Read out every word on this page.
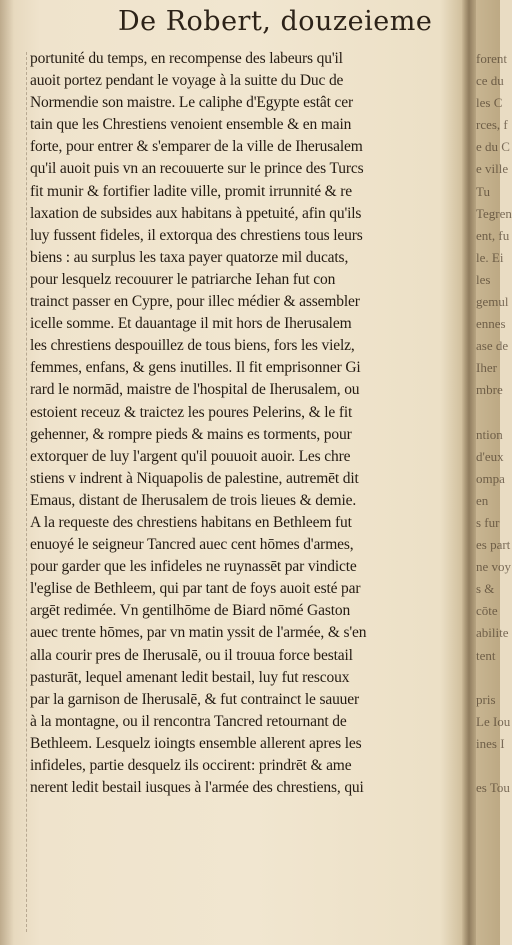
De Robert, douzeieme
portunité du temps, en recompense des labeurs qu'il
auoit portez pendant le voyage à la suitte du Duc de
Normendie son maistre. Le caliphe d'Egypte estât cer
tain que les Chrestiens venoient ensemble & en main
forte, pour entrer & s'emparer de la ville de Iherusalem
qu'il auoit puis vn an recouuerte sur le prince des Turcs
fit munir & fortifier ladite ville, promit irrunnité & re
laxation de subsides aux habitans à ppetuité, afin qu'ils
luy fussent fideles, il extorqua des chrestiens tous leurs
biens : au surplus les taxa payer quatorze mil ducats,
pour lesquelz recouurer le patriarche Iehan fut con
trainct passer en Cypre, pour illec médier & assembler
icelle somme. Et dauantage il mit hors de Iherusalem
les chrestiens despouillez de tous biens, fors les vielz,
femmes, enfans, & gens inutilles. Il fit emprisonner Gi
rard le normād, maistre de l'hospital de Iherusalem, ou
estoient receuz & traictez les poures Pelerins, & le fit
gehenner, & rompre pieds & mains es torments, pour
extorquer de luy l'argent qu'il pouuoit auoir. Les chre
stiens v indrent à Niquapolis de palestine, autremēt dit
Emaus, distant de Iherusalem de trois lieues & demie.
A la requeste des chrestiens habitans en Bethleem fut
enuoyé le seigneur Tancred auec cent hōmes d'armes,
pour garder que les infideles ne ruynassēt par vindicte
l'eglise de Bethleem, qui par tant de foys auoit esté par
argēt redimée. Vn gentilhōme de Biard nōmé Gaston
auec trente hōmes, par vn matin yssit de l'armée, & s'en
alla courir pres de Iherusalē, ou il trouua force bestail
pasturāt, lequel amenant ledit bestail, luy fut rescoux
par la garnison de Iherusalē, & fut contrainct le sauuer
à la montagne, ou il rencontra Tancred retournant de
Bethleem. Lesquelz ioingts ensemble allerent apres les
infideles, partie desquelz ils occirent: prindrēt & ame
nerent ledit bestail iusques à l'armée des chrestiens, qui
forent
ce du
les C
rces, f
e du C
e ville
Tu
Tegren
ent, fu
le. Ei
les
gemul
ennes
ase de
Iher
mbre
ntion
d'eux
ompa
en
s fur
es part
ne voy
s &
cōte
abilite
tent
pris
Le Iou
ines I
es Tou
